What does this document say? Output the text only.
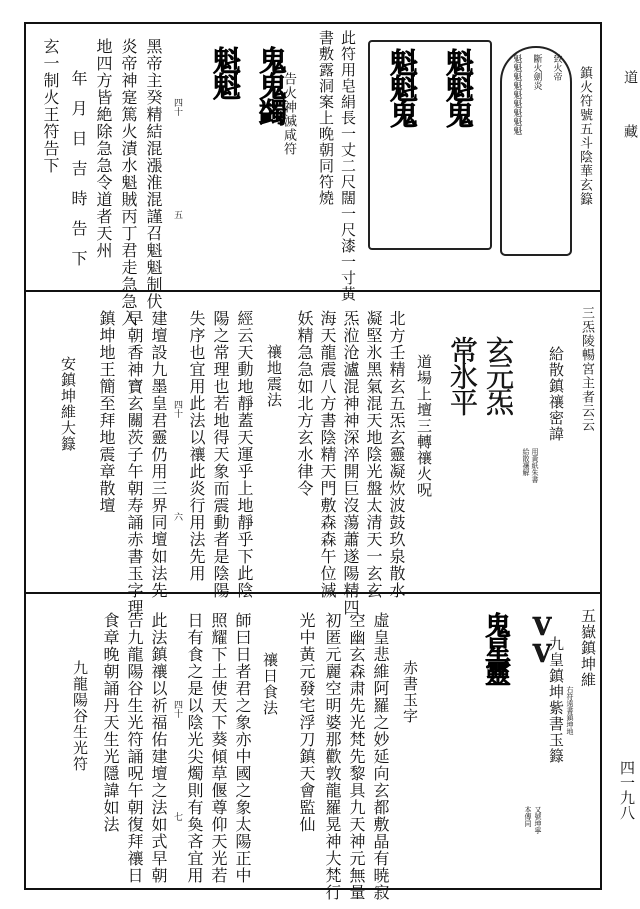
道藏
四一九八
鎮火符號五斗陰華玄籙
致火帝
斷火劍炎
魁魁魁魁魁魁魁魁魁
魁魁鬼
魁魁鬼
此符用皂絹長一丈二尺闊一尺漆一寸黃
書敷露洞案上晚朝同符燒
鬼鬼蠲
魁魁	告火神滅咸符
四十
五
黑帝主癸精結混漲淮混謹召魁魁制伏
炎帝神寔篤火漬水魁賊丙丁君走急急入
地四方皆絶除急急令道者天州
年月日吉時告下
玄一制火王符告下
三炁陵暢宮主者云云
給散鎮禳密諱
用黃紙朱書
給散禳解
玄元炁
常氷平
道場上壇三轉禳火呪
北方壬精玄五炁玄靈凝炊波鼓玖泉散水
凝堅氷黑氣混天地陰光盤太清天一玄玄
炁涖沧瀘混神神深淬開巨沒蕩蕭遂陽精四
海天龍震八方書陰精天門敷森森午位滅
妖精急急如北方玄水律令
禳地震法
經云天動地靜蓋天運乎上地靜乎下此陰
陽之常理也若地得天象而震動者是陰陽
失序也宜用此法以禳此炎行用法先用
四十
六
建壇設九墨皇君靈仍用三界同壇如法先
早朝香神寶玄關茨子午朝寿誦赤書玉字理
鎮坤地王簡至拜地震章散壇
安鎮坤維大籙
五嶽鎮坤維
右符遠書鎮坤地
VV
鬼星靈 九皇鎮坤紫書玉籙
又號坤寧
本傳同
赤書玉字
虛皇悲維阿羅之妙延向玄都敷晶有暁寂
空幽玄森肃先光梵先黎具九天神元無量
初匿元麗空明婆那歡敦龍羅晃神大梵行
光中黃元發宅浮刀鎮天會監仙
禳日食法
師曰日者君之象亦中國之象太陽正中
照耀下土使天下葵傾草偃尊仰天光若
日有食之是以陰光尖燭則有奐吝宜用
四十
七
此法鎮禳以祈福佑建壇之法如式早朝
告九龍陽谷生光符誦呪午朝復拜禳日
食章晚朝誦丹天生光隱諱如法
九龍陽谷生光符
